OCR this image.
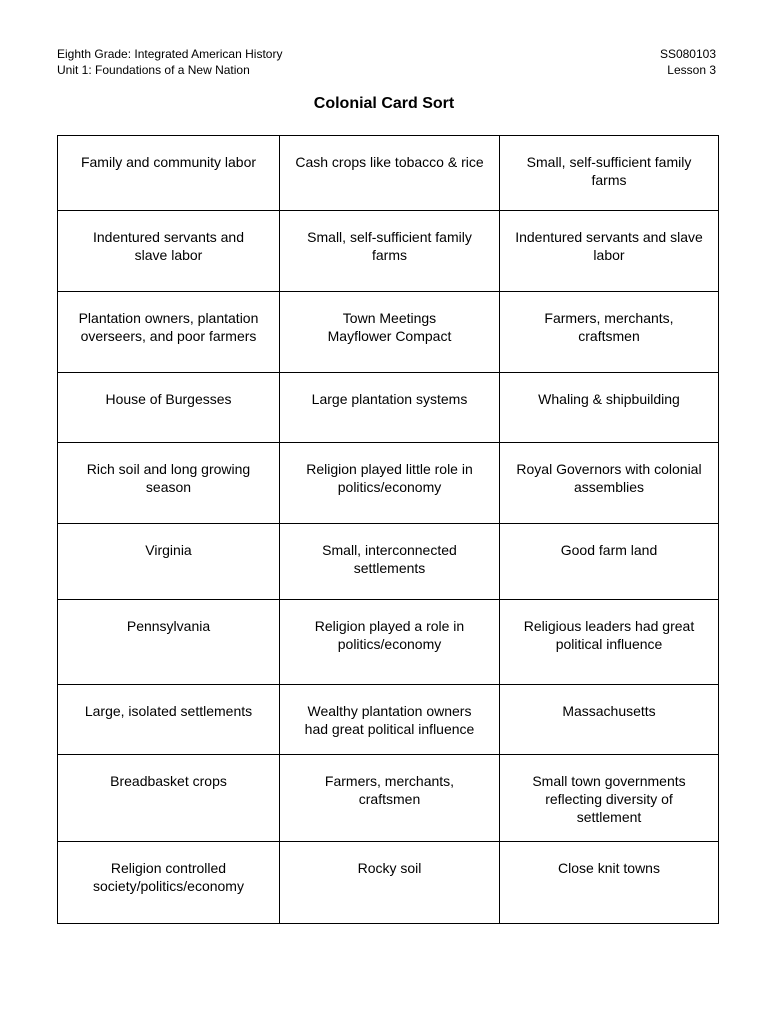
Eighth Grade: Integrated American History
Unit 1: Foundations of a New Nation
SS080103
Lesson 3
Colonial Card Sort
Family and community labor	Cash crops like tobacco & rice	Small, self-sufficient family
farms

Indentured servants and
slave labor	Small, self-sufficient family
farms	Indentured servants and slave
labor

Plantation owners, plantation
overseers, and poor farmers	Town Meetings
Mayflower Compact	Farmers, merchants,
craftsmen

House of Burgesses	Large plantation systems	Whaling & shipbuilding

Rich soil and long growing
season	Religion played little role in
politics/economy	Royal Governors with colonial
assemblies

Virginia	Small, interconnected
settlements	Good farm land

Pennsylvania	Religion played a role in
politics/economy	Religious leaders had great
political influence

Large, isolated settlements	Wealthy plantation owners
had great political influence	Massachusetts

Breadbasket crops	Farmers, merchants,
craftsmen	Small town governments
reflecting diversity of
settlement

Religion controlled
society/politics/economy	Rocky soil	Close knit towns
